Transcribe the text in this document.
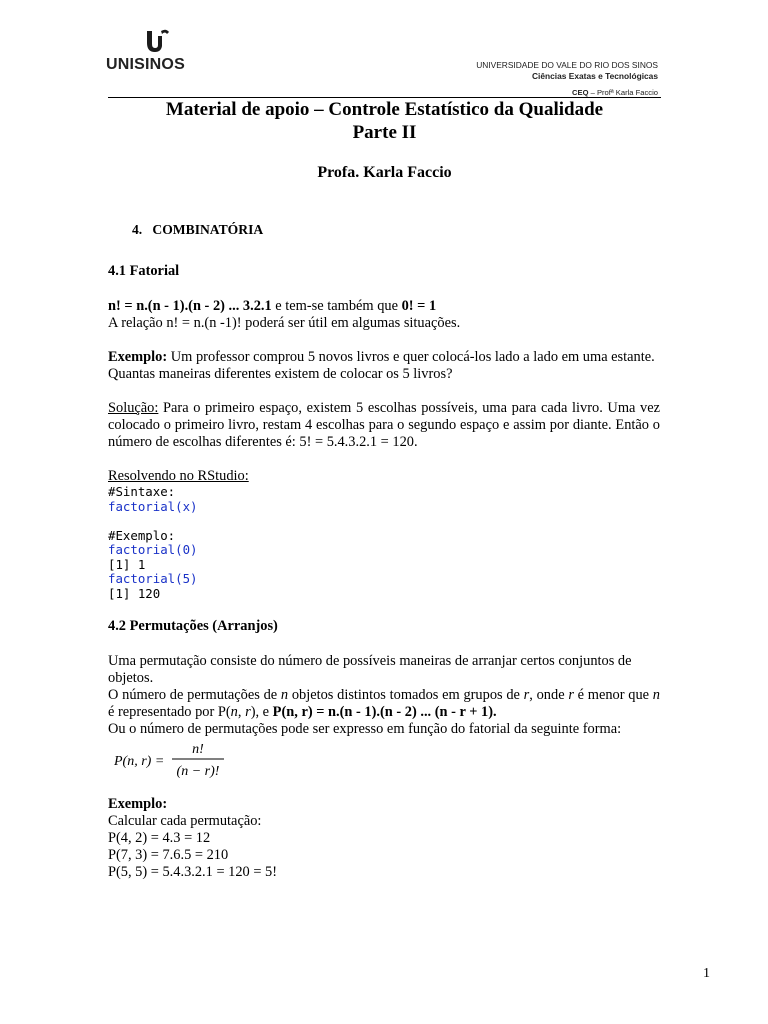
UNISINOS	UNIVERSIDADE DO VALE DO RIO DOS SINOS
Ciências Exatas e Tecnológicas
CEQ – Profª Karla Faccio
Material de apoio – Controle Estatístico da Qualidade
Parte II
Profa. Karla Faccio

4. COMBINATÓRIA

4.1 Fatorial

n! = n.(n - 1).(n - 2) ... 3.2.1 e tem-se também que 0! = 1

A relação n! = n.(n -1)! poderá ser útil em algumas situações.

Exemplo: Um professor comprou 5 novos livros e quer colocá-los lado a lado em uma estante. Quantas maneiras diferentes existem de colocar os 5 livros?

Solução: Para o primeiro espaço, existem 5 escolhas possíveis, uma para cada livro. Uma vez colocado o primeiro livro, restam 4 escolhas para o segundo espaço e assim por diante. Então o número de escolhas diferentes é: 5! = 5.4.3.2.1 = 120.

Resolvendo no RStudio:

#Sintaxe:
factorial(x)
#Exemplo:
factorial(0)
[1] 1
factorial(5)
[1] 120

4.2 Permutações (Arranjos)

Uma permutação consiste do número de possíveis maneiras de arranjar certos conjuntos de objetos.

O número de permutações de n objetos distintos tomados em grupos de r, onde r é menor que n é representado por P(n, r), e P(n, r) = n.(n - 1).(n - 2) ... (n - r + 1).

Ou o número de permutações pode ser expresso em função do fatorial da seguinte forma:

P(n, r) =
n!
(n − r)!

Exemplo:

Calcular cada permutação:

P(4, 2) = 4.3 = 12

P(7, 3) = 7.6.5 = 210

P(5, 5) = 5.4.3.2.1 = 120 = 5!

1
